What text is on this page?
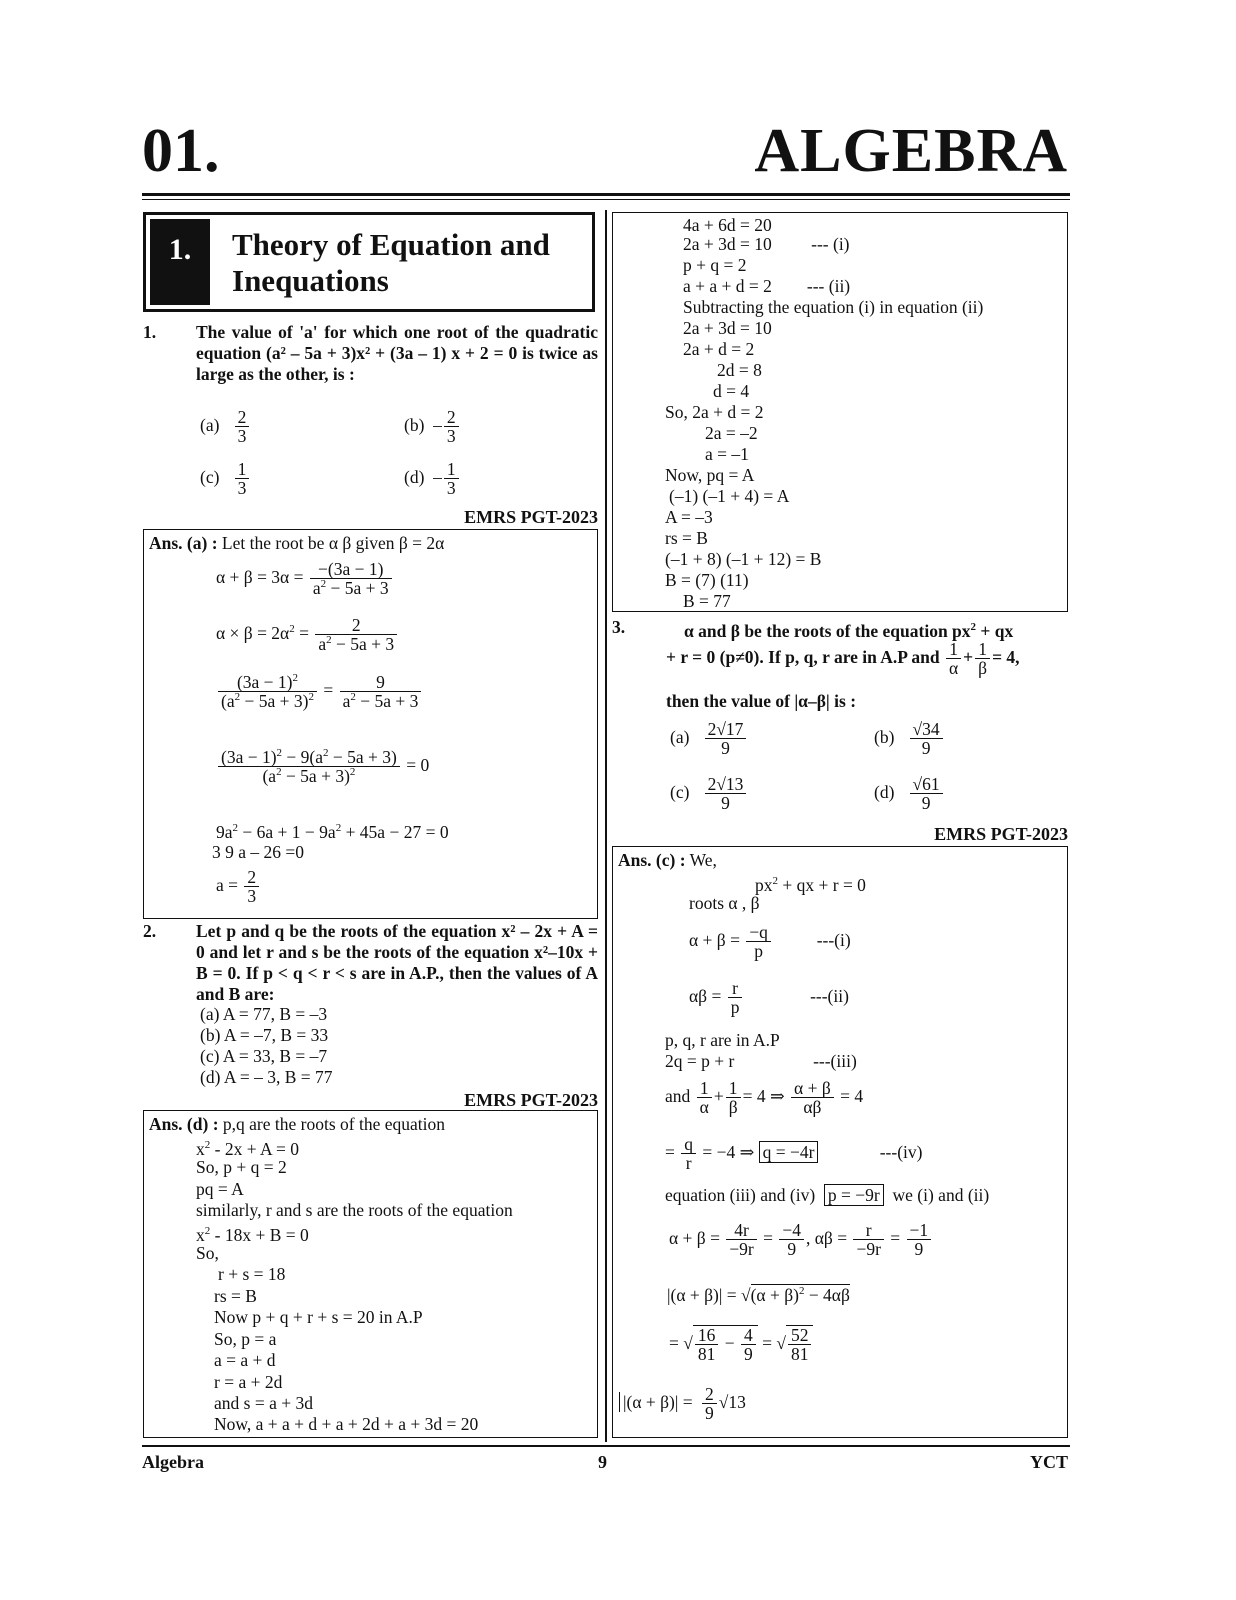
01.	ALGEBRA
1.	Theory of Equation and Inequations
1. The value of 'a' for which one root of the quadratic equation (a² – 5a + 3)x² + (3a – 1) x + 2 = 0 is twice as large as the other, is :
$(a) \frac{2}{3}$	$(b) - \frac{2}{3}$
$(c) \frac{1}{3}$	$(d) - \frac{1}{3}$
EMRS PGT-2023
Ans. (a) : Let the root be α β given β = 2α
$\alpha + \beta = 3\alpha = \frac{-(3a - 1)}{a^2 - 5a + 3}$
$\alpha \times \beta = 2\alpha^2 = \frac{2}{a^2 - 5a + 3}$
$\frac{(3a - 1)^2}{(a^2 - 5a + 3)^2} = \frac{9}{a^2 - 5a + 3}$
$\frac{(3a - 1)^2 - 9(a^2 - 5a + 3)}{(a^2 - 5a + 3)^2} = 0$
$9a^2 - 6a + 1 - 9a^2 + 45a - 27 = 0$
3 9 a – 26 =0
$a = \frac{2}{3}$
2. Let p and q be the roots of the equation x² – 2x + A = 0 and let r and s be the roots of the equation x²–10x + B = 0. If p < q < r < s are in A.P., then the values of A and B are:
(a) A = 77, B = –3
(b) A = –7, B = 33
(c) A = 33, B = –7
(d) A = – 3, B = 77
EMRS PGT-2023
Ans. (d) : p,q are the roots of the equation
$x^2 - 2x + A = 0$
So, p + q = 2
pq = A
similarly, r and s are the roots of the equation
$x^2 - 18x + B = 0$
So,
r + s = 18
rs = B
Now p + q + r + s = 20 in A.P
So, p = a
a = a + d
r = a + 2d
and s = a + 3d
Now, a + a + d + a + 2d + a + 3d = 20
4a + 6d = 20
2a + 3d = 10         --- (i)
p + q = 2
a + a + d = 2        --- (ii)
Subtracting the equation (i) in equation (ii)
2a + 3d = 10
2a + d = 2
2d = 8
d = 4
So, 2a + d = 2
2a = –2
a = –1
Now, pq = A
(–1) (–1 + 4) = A
A = –3
rs = B
(–1 + 8) (–1 + 12) = B
B = (7) (11)
B = 77
3.	α and β be the roots of the equation $px^2$ + qx
+ r = 0 (p≠0). If p, q, r are in A.P and $\frac{1}{\alpha} + \frac{1}{\beta} = 4$,
then the value of |α–β| is :
$(a) \frac{2√17}{9}$	$(b) \frac{√34}{9}$
$(c) \frac{2√13}{9}$	$(d) \frac{√61}{9}$
EMRS PGT-2023
Ans. (c) : We,
$px^2$ + qx + r = 0
roots α , β
$\alpha + \beta = \frac{-q}{p} ---(i)$
$\alpha\beta = \frac{r}{p} ---(ii)$
p, q, r are in A.P
2q = p + r                  ---(iii)
and $\frac{1}{\alpha} + \frac{1}{\beta} = 4$ ⇒ $\frac{\alpha + \beta}{\alpha\beta} = 4$
= $\frac{q}{r} = -4$ ⇒ q = −4r              ---(iv)
equation (iii) and (iv)  p = −9r  we (i) and (ii)
$\alpha + \beta = \frac{4r}{-9r} = \frac{-4}{9}$ , $\alpha\beta = \frac{r}{-9r} = \frac{-1}{9}$
$|(\alpha + \beta)| = √(\alpha + \beta)^2 - 4\alpha\beta$
= √ $\frac{16}{81} - \frac{4}{9}$ = √ $\frac{52}{81}$
$|(\alpha + \beta)| = \frac{2}{9} √13$
Algebra	9	YCT
